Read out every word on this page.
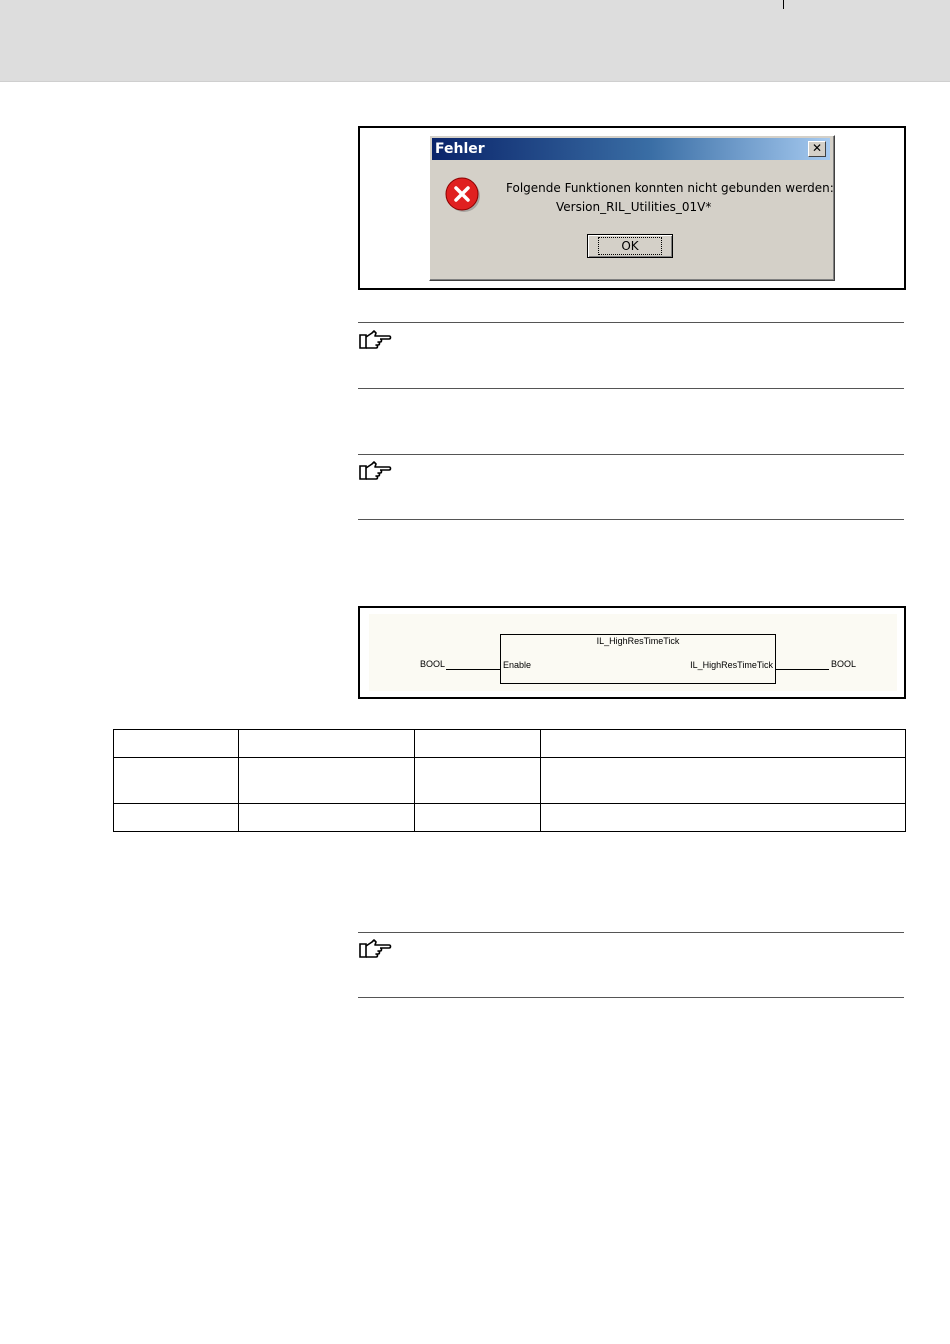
Fehler	✕
Folgende Funktionen konnten nicht gebunden werden:
Version_RIL_Utilities_01V*
OK
BOOL
IL_HighResTimeTick
Enable	IL_HighResTimeTick	BOOL
